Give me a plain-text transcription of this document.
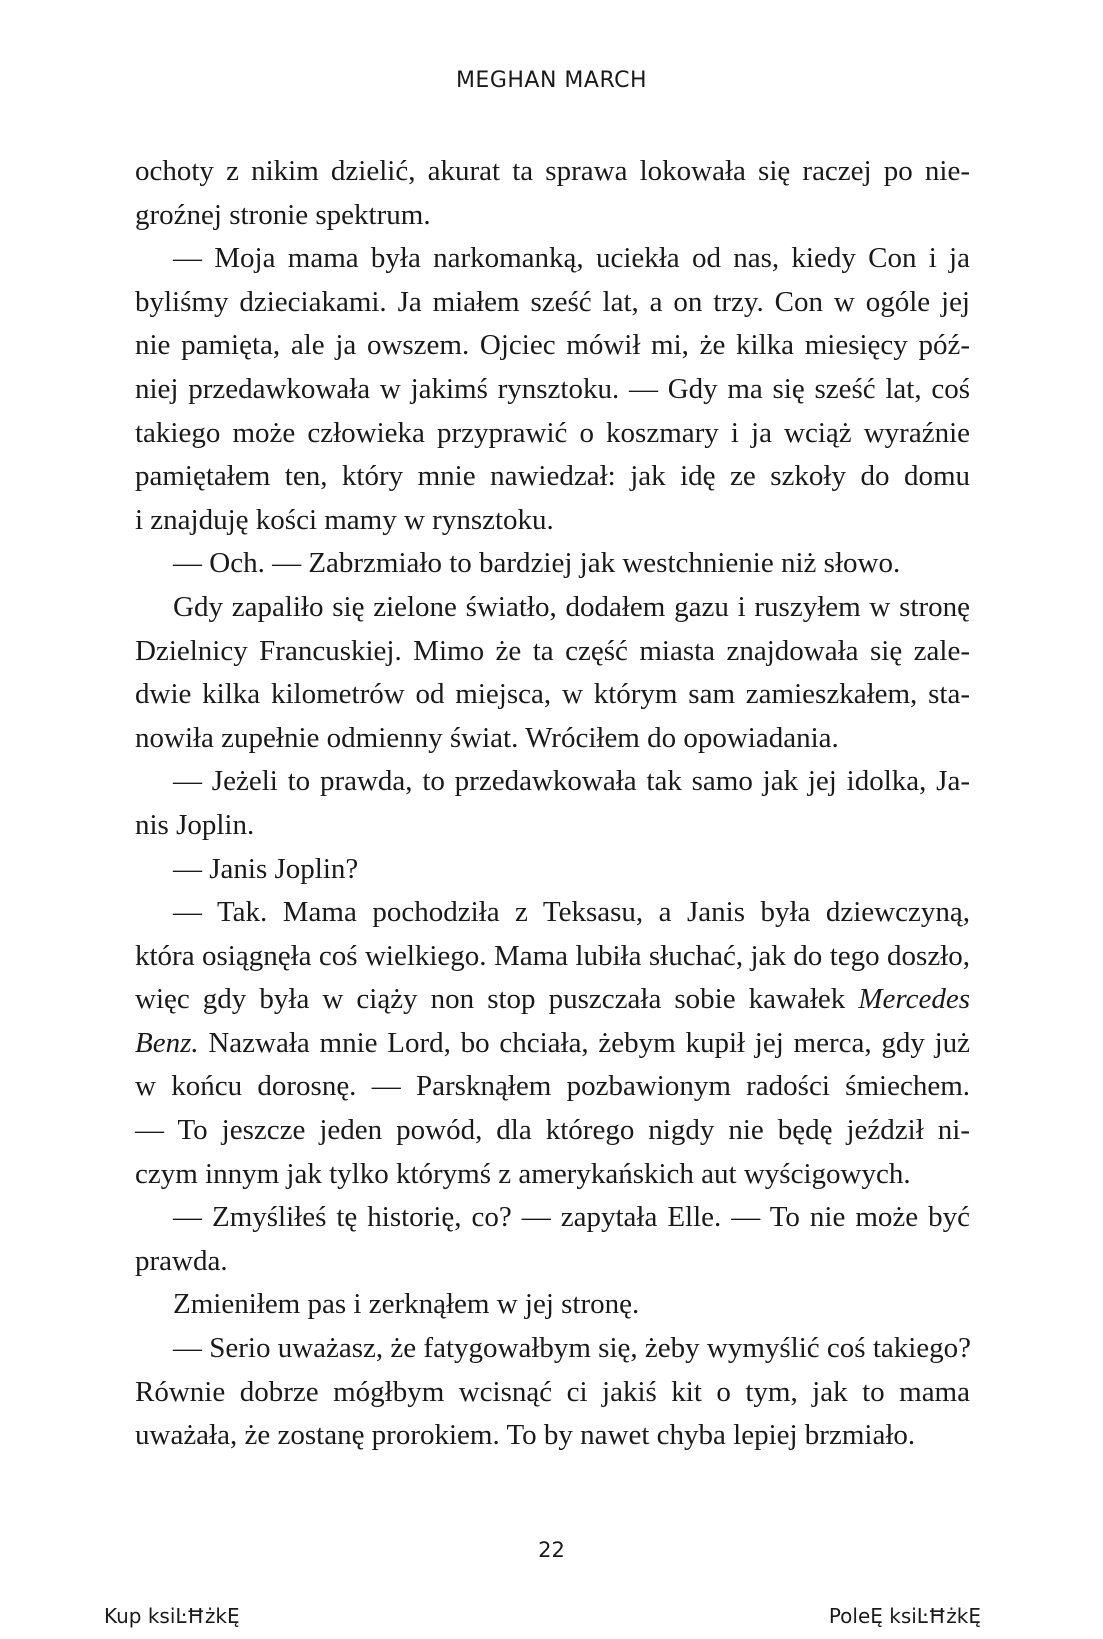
MEGHAN MARCH
ochoty z nikim dzielić, akurat ta sprawa lokowała się raczej po nie-
groźnej stronie spektrum.
— Moja mama była narkomanką, uciekła od nas, kiedy Con i ja
byliśmy dzieciakami. Ja miałem sześć lat, a on trzy. Con w ogóle jej
nie pamięta, ale ja owszem. Ojciec mówił mi, że kilka miesięcy póź-
niej przedawkowała w jakimś rynsztoku. — Gdy ma się sześć lat, coś
takiego może człowieka przyprawić o koszmary i ja wciąż wyraźnie
pamiętałem ten, który mnie nawiedzał: jak idę ze szkoły do domu
i znajduję kości mamy w rynsztoku.
— Och. — Zabrzmiało to bardziej jak westchnienie niż słowo.
Gdy zapaliło się zielone światło, dodałem gazu i ruszyłem w stronę
Dzielnicy Francuskiej. Mimo że ta część miasta znajdowała się zale-
dwie kilka kilometrów od miejsca, w którym sam zamieszkałem, sta-
nowiła zupełnie odmienny świat. Wróciłem do opowiadania.
— Jeżeli to prawda, to przedawkowała tak samo jak jej idolka, Ja-
nis Joplin.
— Janis Joplin?
— Tak. Mama pochodziła z Teksasu, a Janis była dziewczyną,
która osiągnęła coś wielkiego. Mama lubiła słuchać, jak do tego doszło,
więc gdy była w ciąży non stop puszczała sobie kawałek Mercedes
Benz. Nazwała mnie Lord, bo chciała, żebym kupił jej merca, gdy już
w końcu dorosnę. — Parsknąłem pozbawionym radości śmiechem.
— To jeszcze jeden powód, dla którego nigdy nie będę jeździł ni-
czym innym jak tylko którymś z amerykańskich aut wyścigowych.
— Zmyśliłeś tę historię, co? — zapytała Elle. — To nie może być
prawda.
Zmieniłem pas i zerknąłem w jej stronę.
— Serio uważasz, że fatygowałbym się, żeby wymyślić coś takiego?
Równie dobrze mógłbym wcisnąć ci jakiś kit o tym, jak to mama
uważała, że zostanę prorokiem. To by nawet chyba lepiej brzmiało.
22
Kup ksiĿĦżkĘ	PoleĘ ksiĿĦżkĘ
